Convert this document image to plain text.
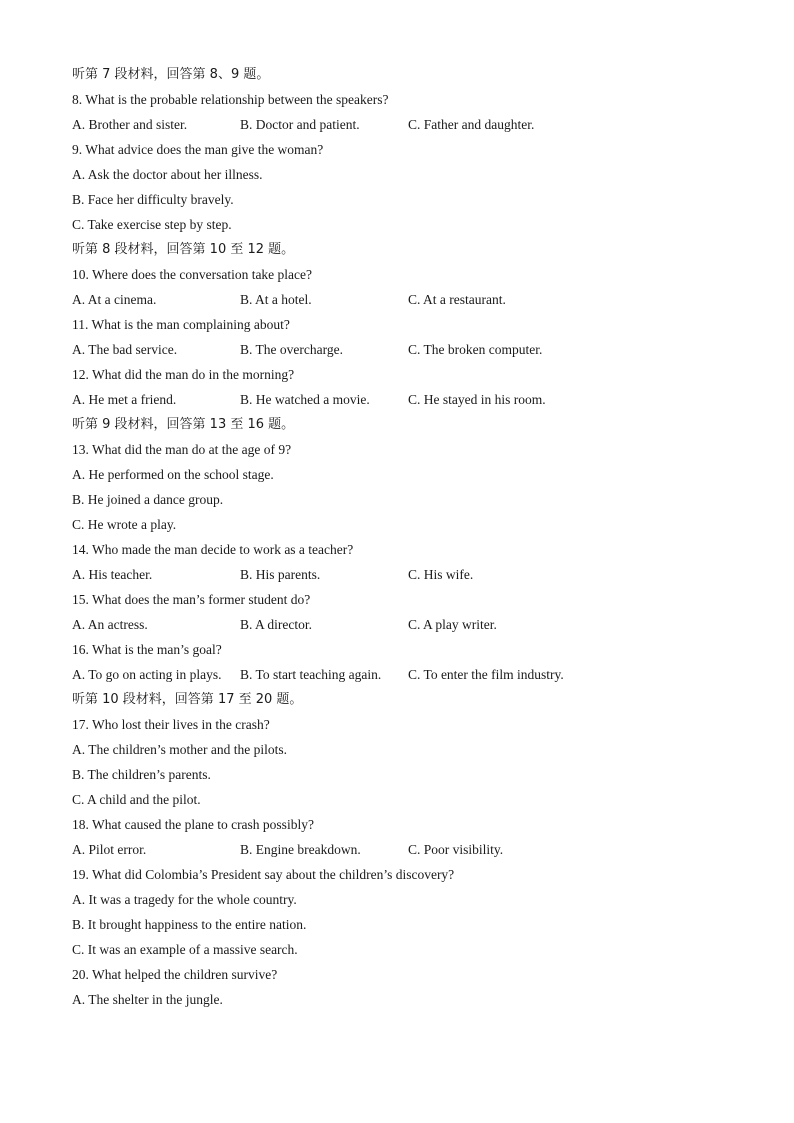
听第 7 段材料，回答第 8、9 题。
8. What is the probable relationship between the speakers?
A. Brother and sister.	B. Doctor and patient.	C. Father and daughter.
9. What advice does the man give the woman?
A. Ask the doctor about her illness.
B. Face her difficulty bravely.
C. Take exercise step by step.
听第 8 段材料，回答第 10 至 12 题。
10. Where does the conversation take place?
A. At a cinema.	B. At a hotel.	C. At a restaurant.
11. What is the man complaining about?
A. The bad service.	B. The overcharge.	C. The broken computer.
12. What did the man do in the morning?
A. He met a friend.	B. He watched a movie.	C. He stayed in his room.
听第 9 段材料，回答第 13 至 16 题。
13. What did the man do at the age of 9?
A. He performed on the school stage.
B. He joined a dance group.
C. He wrote a play.
14. Who made the man decide to work as a teacher?
A. His teacher.	B. His parents.	C. His wife.
15. What does the man’s former student do?
A. An actress.	B. A director.	C. A play writer.
16. What is the man’s goal?
A. To go on acting in plays. B. To start teaching again. C. To enter the film industry.
听第 10 段材料，回答第 17 至 20 题。
17. Who lost their lives in the crash?
A. The children’s mother and the pilots.
B. The children’s parents.
C. A child and the pilot.
18. What caused the plane to crash possibly?
A. Pilot error.	B. Engine breakdown.	C. Poor visibility.
19. What did Colombia’s President say about the children’s discovery?
A. It was a tragedy for the whole country.
B. It brought happiness to the entire nation.
C. It was an example of a massive search.
20. What helped the children survive?
A. The shelter in the jungle.
